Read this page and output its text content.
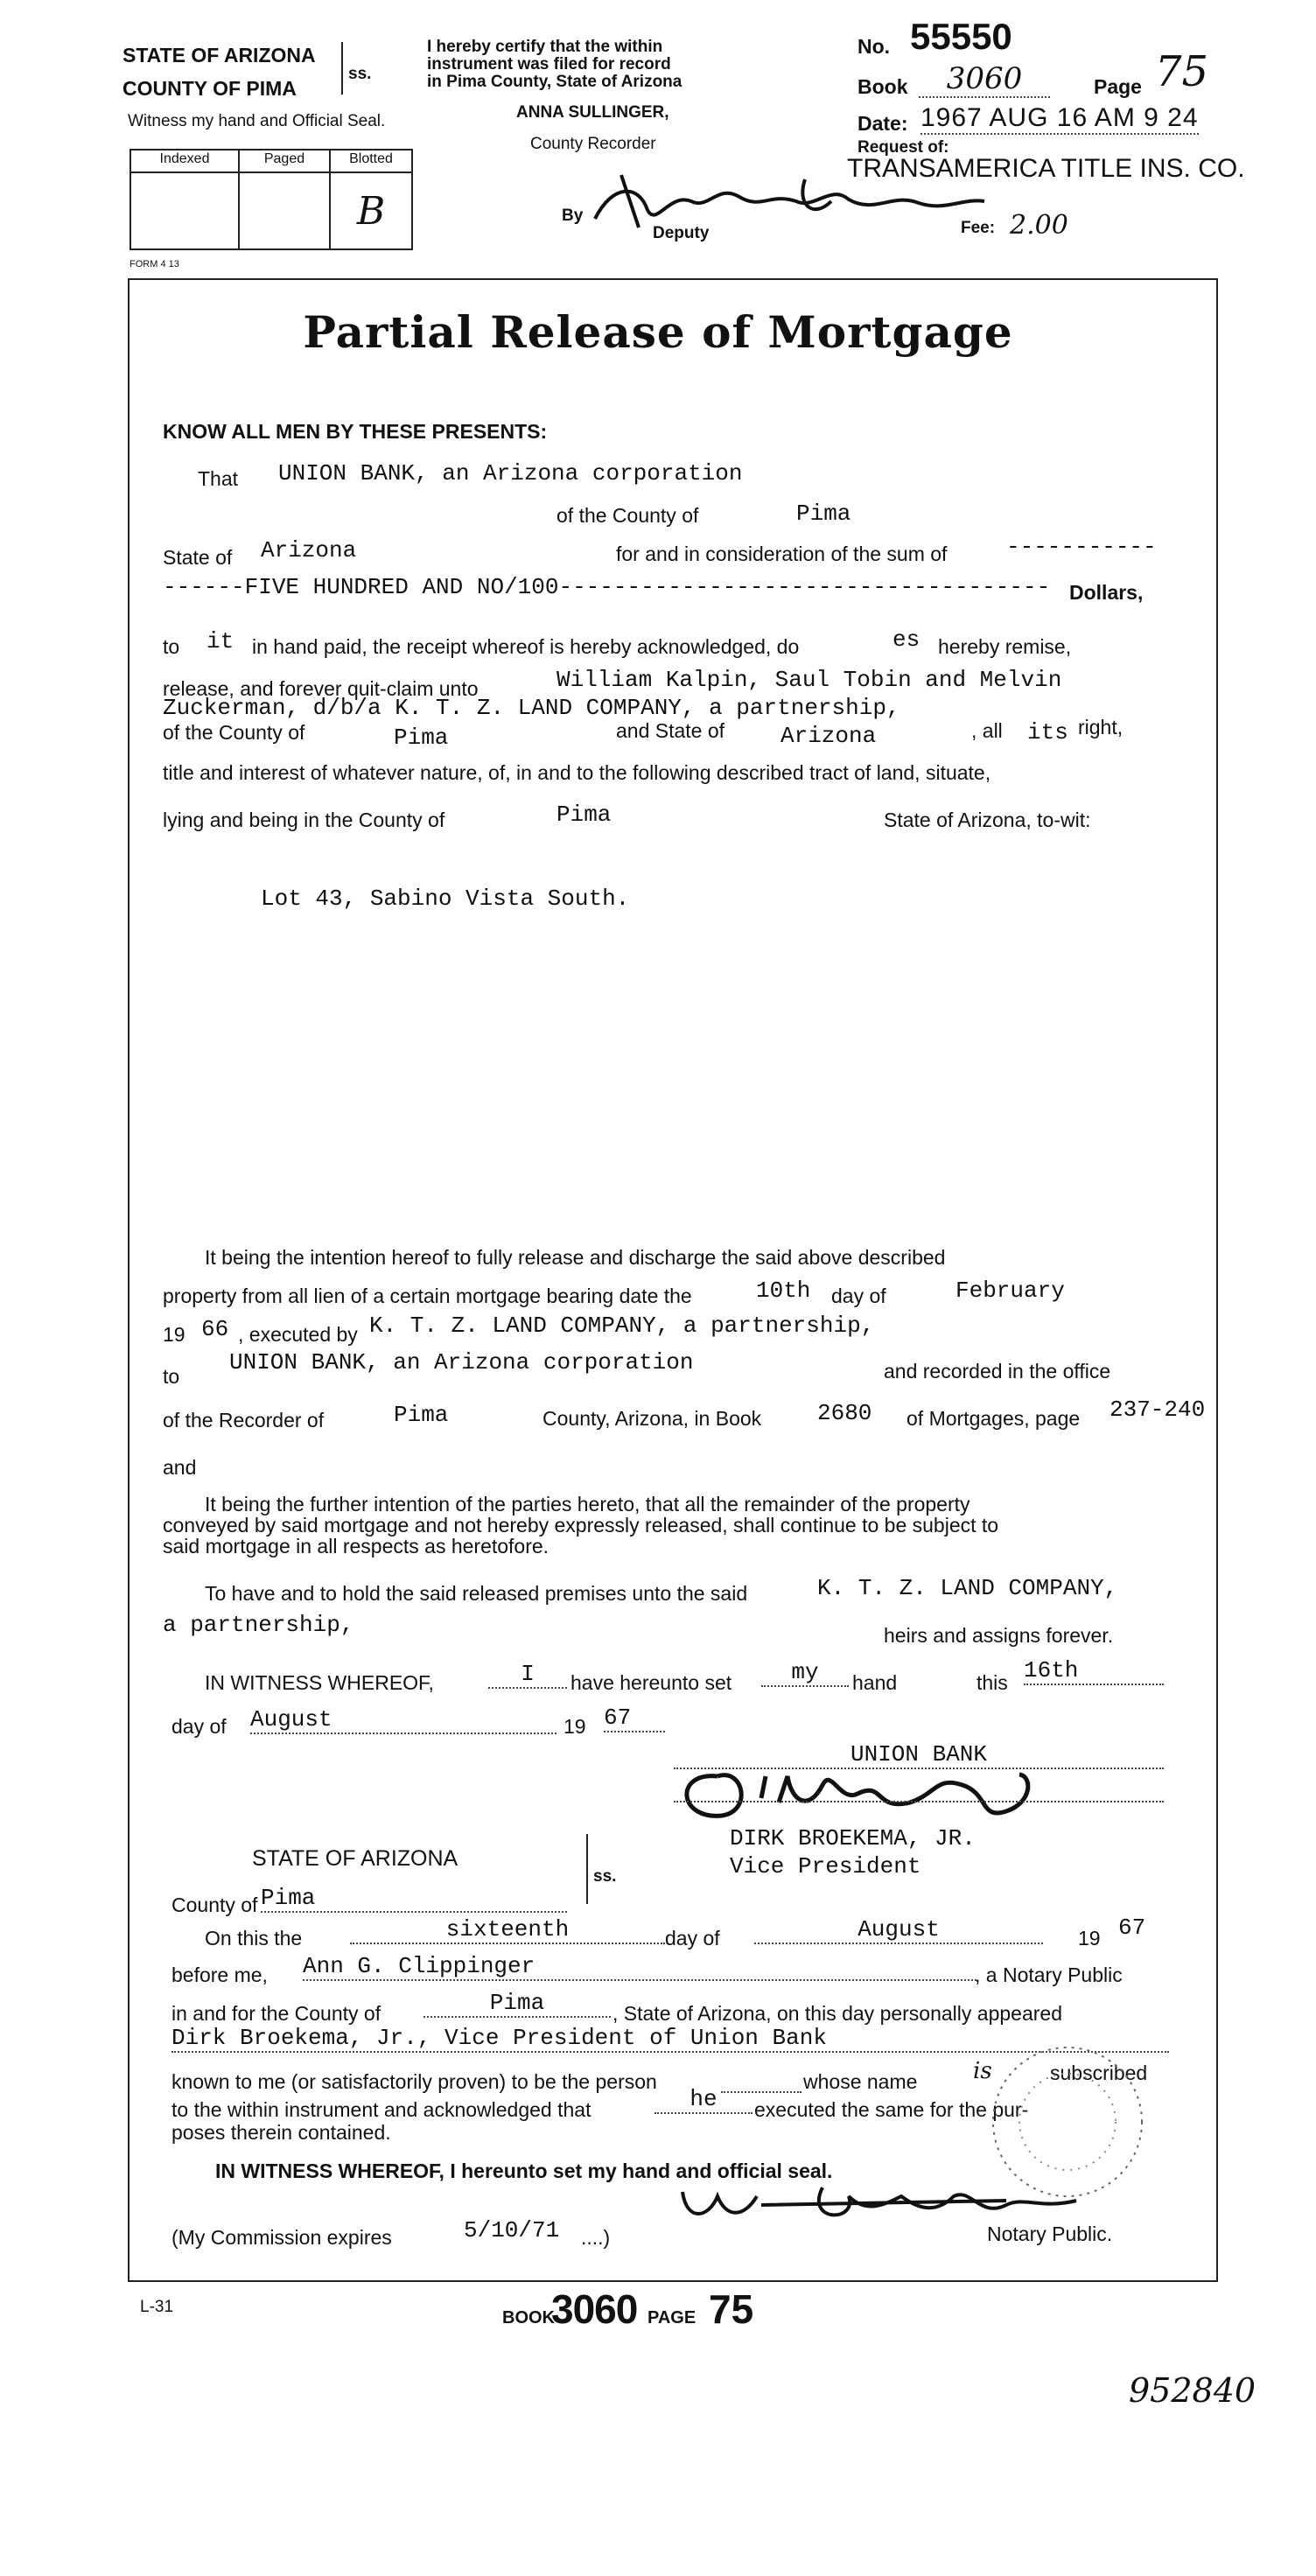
STATE OF ARIZONA
COUNTY OF PIMA
ss.
Witness my hand and Official Seal.
I hereby certify that the within
instrument was filed for record
in Pima County, State of Arizona
ANNA SULLINGER,
County Recorder
Indexed	Paged	Blotted
		B
FORM 4 13
By
Deputy
No. 55550
Book	3060	Page 75
Date: 1967 AUG 16 AM 9 24
Request of:
TRANSAMERICA TITLE INS. CO.
Fee: 2.00
Partial Release of Mortgage
KNOW ALL MEN BY THESE PRESENTS:
That UNION BANK, an Arizona corporation
of the County of	Pima
State of Arizona	for and in consideration of the sum of	-----------
------FIVE HUNDRED AND NO/100------------------------------------ Dollars,
to it in hand paid, the receipt whereof is hereby acknowledged, do	es hereby remise,
release, and forever quit-claim unto	William Kalpin, Saul Tobin and Melvin
Zuckerman, d/b/a K. T. Z. LAND COMPANY, a partnership,
of the County of	Pima	and State of Arizona	, all its right,
title and interest of whatever nature, of, in and to the following described tract of land, situate,
lying and being in the County of	Pima	State of Arizona, to-wit:
Lot 43, Sabino Vista South.
It being the intention hereof to fully release and discharge the said above described
property from all lien of a certain mortgage bearing date the	10th day of	February
19 66 , executed by K. T. Z. LAND COMPANY, a partnership,
to
UNION BANK, an Arizona corporation	and recorded in the office
of the Recorder of	Pima	County, Arizona, in Book 2680 of Mortgages, page 237-240
and
It being the further intention of the parties hereto, that all the remainder of the property
conveyed by said mortgage and not hereby expressly released, shall continue to be subject to
said mortgage in all respects as heretofore.
To have and to hold the said released premises unto the said	K. T. Z. LAND COMPANY,
a partnership,	heirs and assigns forever.
IN WITNESS WHEREOF,	I	have hereunto set	my	hand	this 16th
day of August	19 67
UNION BANK
DIRK BROEKEMA, JR.
Vice President
STATE OF ARIZONA
ss.
County of Pima
On this the	sixteenth	day of	August	19 67
before me, Ann G. Clippinger	, a Notary Public
in and for the County of	Pima	, State of Arizona, on this day personally appeared
Dirk Broekema, Jr., Vice President of Union Bank
known to me (or satisfactorily proven) to be the person	whose name is	subscribed
to the within instrument and acknowledged that	he	executed the same for the pur-
poses therein contained.
IN WITNESS WHEREOF, I hereunto set my hand and official seal.
(My Commission expires	5/10/71 ....)	Notary Public.
L-31
BOOK
3060 PAGE 75
952840
